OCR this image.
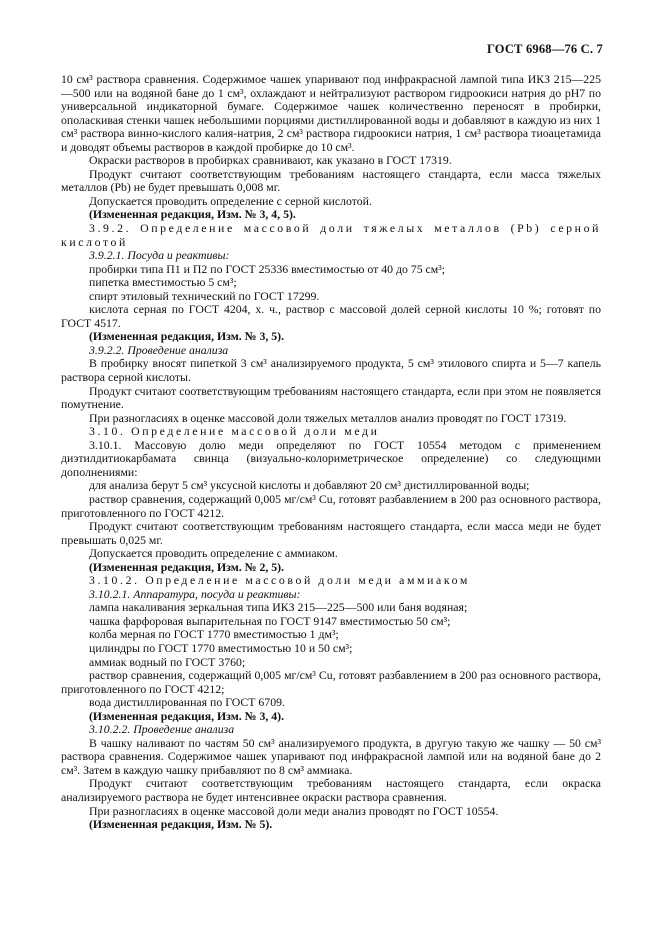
ГОСТ 6968—76 С. 7

10 см³ раствора сравнения. Содержимое чашек упаривают под инфракрасной лампой типа ИКЗ 215—225—500 или на водяной бане до 1 см³, охлаждают и нейтрализуют раствором гидроокиси натрия до рН7 по универсальной индикаторной бумаге. Содержимое чашек количественно переносят в пробирки, ополаскивая стенки чашек небольшими порциями дистиллированной воды и добавляют в каждую из них 1 см³ раствора винно-кислого калия-натрия, 2 см³ раствора гидроокиси натрия, 1 см³ раствора тиоацетамида и доводят объемы растворов в каждой пробирке до 10 см³.

Окраски растворов в пробирках сравнивают, как указано в ГОСТ 17319.

Продукт считают соответствующим требованиям настоящего стандарта, если масса тяжелых металлов (Pb) не будет превышать 0,008 мг.

Допускается проводить определение с серной кислотой.

(Измененная редакция, Изм. № 3, 4, 5).

3.9.2. Определение массовой доли тяжелых металлов (Pb) серной кислотой

3.9.2.1. Посуда и реактивы:

пробирки типа П1 и П2 по ГОСТ 25336 вместимостью от 40 до 75 см³;

пипетка вместимостью 5 см³;

спирт этиловый технический по ГОСТ 17299.

кислота серная по ГОСТ 4204, х. ч., раствор с массовой долей серной кислоты 10 %; готовят по ГОСТ 4517.

(Измененная редакция, Изм. № 3, 5).

3.9.2.2. Проведение анализа

В пробирку вносят пипеткой 3 см³ анализируемого продукта, 5 см³ этилового спирта и 5—7 капель раствора серной кислоты.

Продукт считают соответствующим требованиям настоящего стандарта, если при этом не появляется помутнение.

При разногласиях в оценке массовой доли тяжелых металлов анализ проводят по ГОСТ 17319.

3.10. Определение массовой доли меди

3.10.1. Массовую долю меди определяют по ГОСТ 10554 методом с применением диэтилдитиокарбамата свинца (визуально-колориметрическое определение) со следующими дополнениями:

для анализа берут 5 см³ уксусной кислоты и добавляют 20 см³ дистиллированной воды;

раствор сравнения, содержащий 0,005 мг/см³ Cu, готовят разбавлением в 200 раз основного раствора, приготовленного по ГОСТ 4212.

Продукт считают соответствующим требованиям настоящего стандарта, если масса меди не будет превышать 0,025 мг.

Допускается проводить определение с аммиаком.

(Измененная редакция, Изм. № 2, 5).

3.10.2. Определение массовой доли меди аммиаком

3.10.2.1. Аппаратура, посуда и реактивы:

лампа накаливания зеркальная типа ИКЗ 215—225—500 или баня водяная;

чашка фарфоровая выпарительная по ГОСТ 9147 вместимостью 50 см³;

колба мерная по ГОСТ 1770 вместимостью 1 дм³;

цилиндры по ГОСТ 1770 вместимостью 10 и 50 см³;

аммиак водный по ГОСТ 3760;

раствор сравнения, содержащий 0,005 мг/см³ Cu, готовят разбавлением в 200 раз основного раствора, приготовленного по ГОСТ 4212;

вода дистиллированная по ГОСТ 6709.

(Измененная редакция, Изм. № 3, 4).

3.10.2.2. Проведение анализа

В чашку наливают по частям 50 см³ анализируемого продукта, в другую такую же чашку — 50 см³ раствора сравнения. Содержимое чашек упаривают под инфракрасной лампой или на водяной бане до 2 см³. Затем в каждую чашку прибавляют по 8 см³ аммиака.

Продукт считают соответствующим требованиям настоящего стандарта, если окраска анализируемого раствора не будет интенсивнее окраски раствора сравнения.

При разногласиях в оценке массовой доли меди анализ проводят по ГОСТ 10554.

(Измененная редакция, Изм. № 5).
